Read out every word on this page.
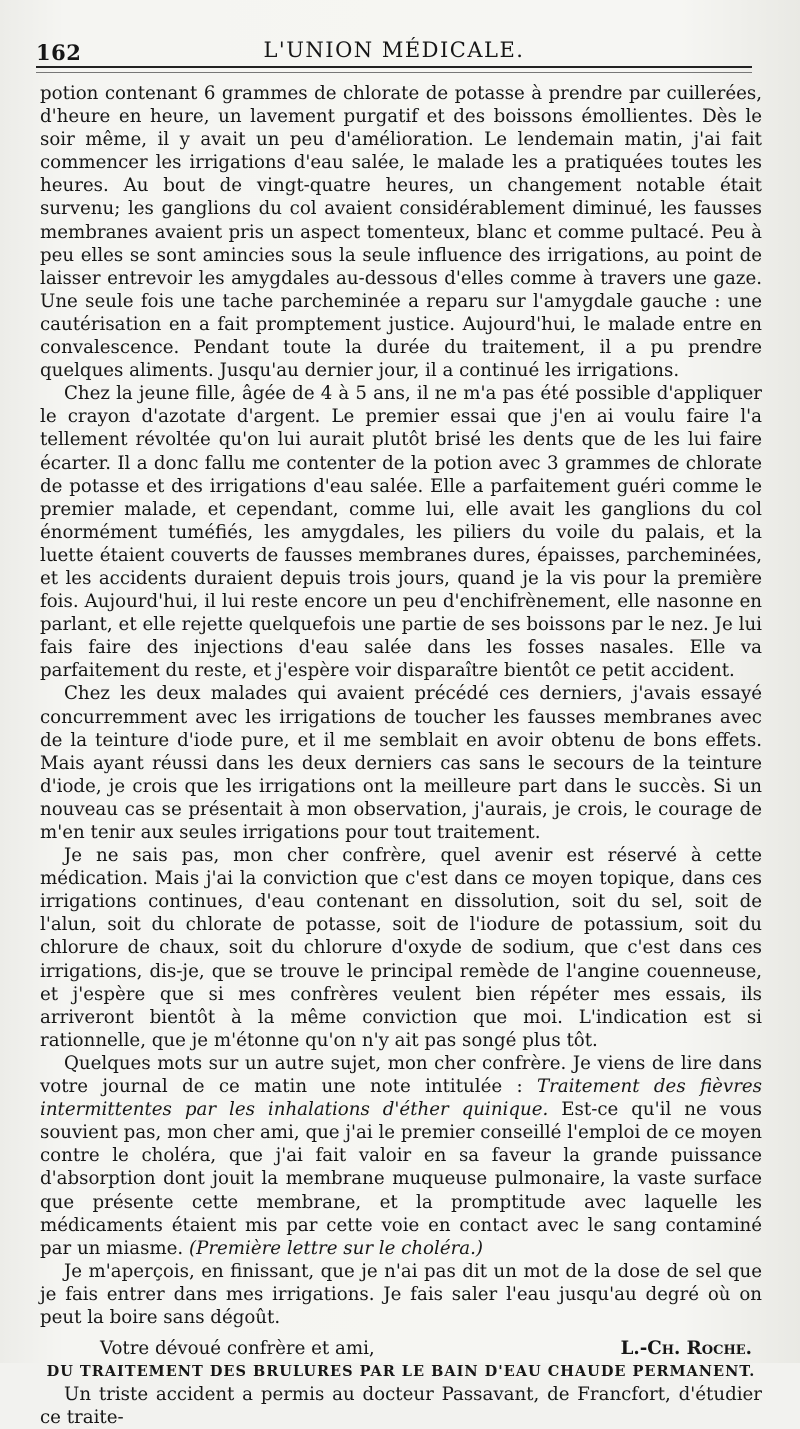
162	L'UNION MÉDICALE.

potion contenant 6 grammes de chlorate de potasse à prendre par cuillerées, d'heure en heure, un lavement purgatif et des boissons émollientes. Dès le soir même, il y avait un peu d'amélioration. Le lendemain matin, j'ai fait commencer les irrigations d'eau salée, le malade les a pratiquées toutes les heures. Au bout de vingt-quatre heures, un changement notable était survenu; les ganglions du col avaient considérablement diminué, les fausses membranes avaient pris un aspect tomenteux, blanc et comme pultacé. Peu à peu elles se sont amincies sous la seule influence des irrigations, au point de laisser entrevoir les amygdales au-dessous d'elles comme à travers une gaze. Une seule fois une tache parcheminée a reparu sur l'amygdale gauche : une cautérisation en a fait promptement justice. Aujourd'hui, le malade entre en convalescence. Pendant toute la durée du traitement, il a pu prendre quelques aliments. Jusqu'au dernier jour, il a continué les irrigations.

Chez la jeune fille, âgée de 4 à 5 ans, il ne m'a pas été possible d'appliquer le crayon d'azotate d'argent. Le premier essai que j'en ai voulu faire l'a tellement révoltée qu'on lui aurait plutôt brisé les dents que de les lui faire écarter. Il a donc fallu me contenter de la potion avec 3 grammes de chlorate de potasse et des irrigations d'eau salée. Elle a parfaitement guéri comme le premier malade, et cependant, comme lui, elle avait les ganglions du col énormément tuméfiés, les amygdales, les piliers du voile du palais, et la luette étaient couverts de fausses membranes dures, épaisses, parcheminées, et les accidents duraient depuis trois jours, quand je la vis pour la première fois. Aujourd'hui, il lui reste encore un peu d'enchifrènement, elle nasonne en parlant, et elle rejette quelquefois une partie de ses boissons par le nez. Je lui fais faire des injections d'eau salée dans les fosses nasales. Elle va parfaitement du reste, et j'espère voir disparaître bientôt ce petit accident.

Chez les deux malades qui avaient précédé ces derniers, j'avais essayé concurremment avec les irrigations de toucher les fausses membranes avec de la teinture d'iode pure, et il me semblait en avoir obtenu de bons effets. Mais ayant réussi dans les deux derniers cas sans le secours de la teinture d'iode, je crois que les irrigations ont la meilleure part dans le succès. Si un nouveau cas se présentait à mon observation, j'aurais, je crois, le courage de m'en tenir aux seules irrigations pour tout traitement.

Je ne sais pas, mon cher confrère, quel avenir est réservé à cette médication. Mais j'ai la conviction que c'est dans ce moyen topique, dans ces irrigations continues, d'eau contenant en dissolution, soit du sel, soit de l'alun, soit du chlorate de potasse, soit de l'iodure de potassium, soit du chlorure de chaux, soit du chlorure d'oxyde de sodium, que c'est dans ces irrigations, dis-je, que se trouve le principal remède de l'angine couenneuse, et j'espère que si mes confrères veulent bien répéter mes essais, ils arriveront bientôt à la même conviction que moi. L'indication est si rationnelle, que je m'étonne qu'on n'y ait pas songé plus tôt.

Quelques mots sur un autre sujet, mon cher confrère. Je viens de lire dans votre journal de ce matin une note intitulée : Traitement des fièvres intermittentes par les inhalations d'éther quinique. Est-ce qu'il ne vous souvient pas, mon cher ami, que j'ai le premier conseillé l'emploi de ce moyen contre le choléra, que j'ai fait valoir en sa faveur la grande puissance d'absorption dont jouit la membrane muqueuse pulmonaire, la vaste surface que présente cette membrane, et la promptitude avec laquelle les médicaments étaient mis par cette voie en contact avec le sang contaminé par un miasme. (Première lettre sur le choléra.)

Je m'aperçois, en finissant, que je n'ai pas dit un mot de la dose de sel que je fais entrer dans mes irrigations. Je fais saler l'eau jusqu'au degré où on peut la boire sans dégoût.

Votre dévoué confrère et ami,	L.-Ch. Roche.

DU TRAITEMENT DES BRULURES PAR LE BAIN D'EAU CHAUDE PERMANENT.

Un triste accident a permis au docteur Passavant, de Francfort, d'étudier ce traite-
